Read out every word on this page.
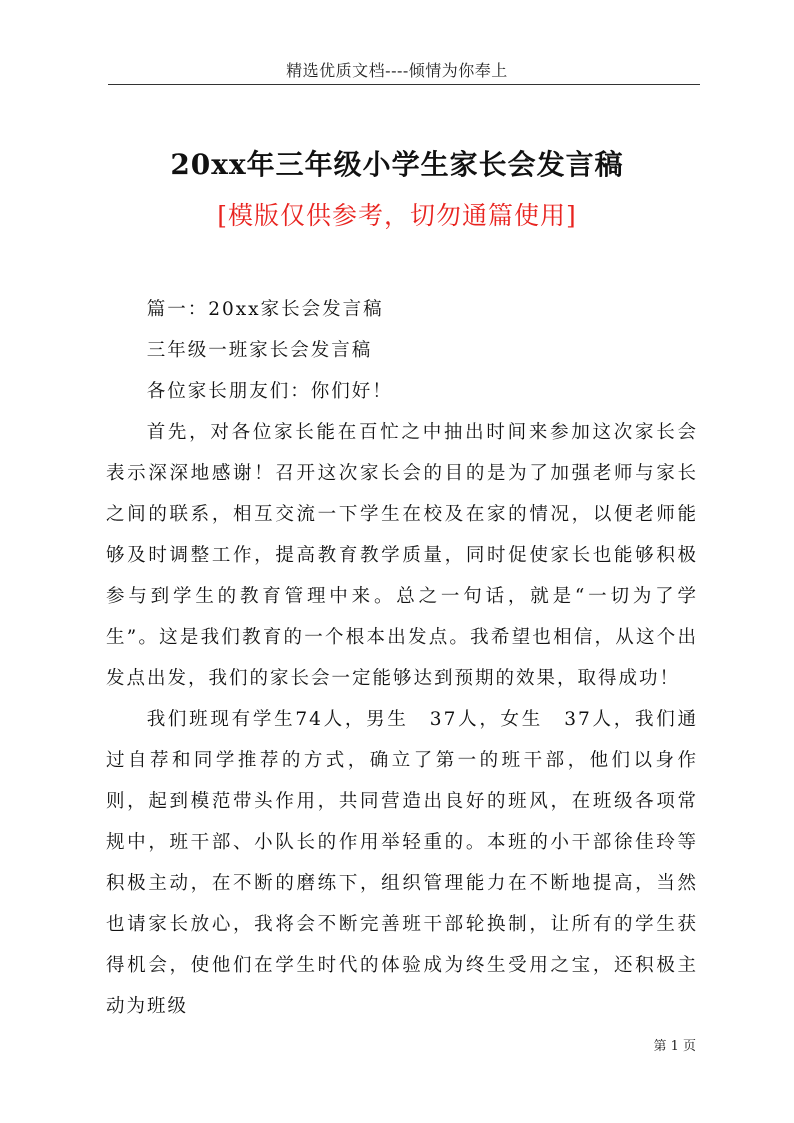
精选优质文档----倾情为你奉上
20xx年三年级小学生家长会发言稿
[模版仅供参考，切勿通篇使用]

篇一：20xx家长会发言稿

三年级一班家长会发言稿

各位家长朋友们：你们好！

首先，对各位家长能在百忙之中抽出时间来参加这次家长会表示深深地感谢！召开这次家长会的目的是为了加强老师与家长之间的联系，相互交流一下学生在校及在家的情况，以便老师能够及时调整工作，提高教育教学质量，同时促使家长也能够积极参与到学生的教育管理中来。总之一句话，就是“一切为了学生”。这是我们教育的一个根本出发点。我希望也相信，从这个出发点出发，我们的家长会一定能够达到预期的效果，取得成功！

我们班现有学生74人，男生　37人，女生　37人，我们通过自荐和同学推荐的方式，确立了第一的班干部，他们以身作则，起到模范带头作用，共同营造出良好的班风，在班级各项常规中，班干部、小队长的作用举轻重的。本班的小干部徐佳玲等积极主动，在不断的磨练下，组织管理能力在不断地提高，当然也请家长放心，我将会不断完善班干部轮换制，让所有的学生获得机会，使他们在学生时代的体验成为终生受用之宝，还积极主动为班级

第 1 页
